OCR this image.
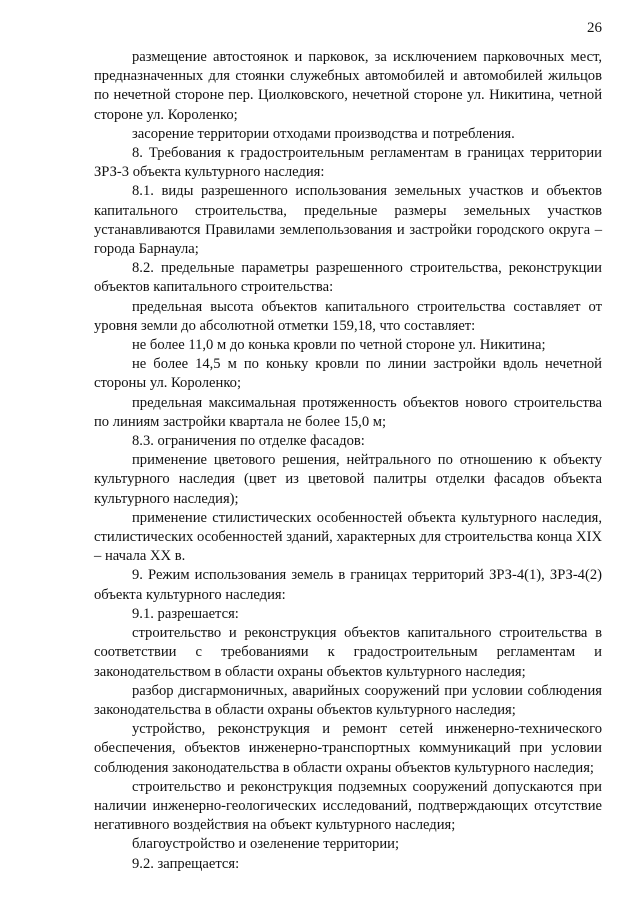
26

размещение автостоянок и парковок, за исключением парковочных мест, предназначенных для стоянки служебных автомобилей и автомобилей жильцов по нечетной стороне пер. Циолковского, нечетной стороне ул. Никитина, четной стороне ул. Короленко;

засорение территории отходами производства и потребления.

8. Требования к градостроительным регламентам в границах территории ЗРЗ-3 объекта культурного наследия:

8.1. виды разрешенного использования земельных участков и объектов капитального строительства, предельные размеры земельных участков устанавливаются Правилами землепользования и застройки городского округа – города Барнаула;

8.2. предельные параметры разрешенного строительства, реконструкции объектов капитального строительства:

предельная высота объектов капитального строительства составляет от уровня земли до абсолютной отметки 159,18, что составляет:

не более 11,0 м до конька кровли по четной стороне ул. Никитина;

не более 14,5 м по коньку кровли по линии застройки вдоль нечетной стороны ул. Короленко;

предельная максимальная протяженность объектов нового строительства по линиям застройки квартала не более 15,0 м;

8.3. ограничения по отделке фасадов:

применение цветового решения, нейтрального по отношению к объекту культурного наследия (цвет из цветовой палитры отделки фасадов объекта культурного наследия);

применение стилистических особенностей объекта культурного наследия, стилистических особенностей зданий, характерных для строительства конца XIX – начала XX в.

9. Режим использования земель в границах территорий ЗРЗ-4(1), ЗРЗ-4(2) объекта культурного наследия:

9.1. разрешается:

строительство и реконструкция объектов капитального строительства в соответствии с требованиями к градостроительным регламентам и законодательством в области охраны объектов культурного наследия;

разбор дисгармоничных, аварийных сооружений при условии соблюдения законодательства в области охраны объектов культурного наследия;

устройство, реконструкция и ремонт сетей инженерно-технического обеспечения, объектов инженерно-транспортных коммуникаций при условии соблюдения законодательства в области охраны объектов культурного наследия;

строительство и реконструкция подземных сооружений допускаются при наличии инженерно-геологических исследований, подтверждающих отсутствие негативного воздействия на объект культурного наследия;

благоустройство и озеленение территории;

9.2. запрещается:
